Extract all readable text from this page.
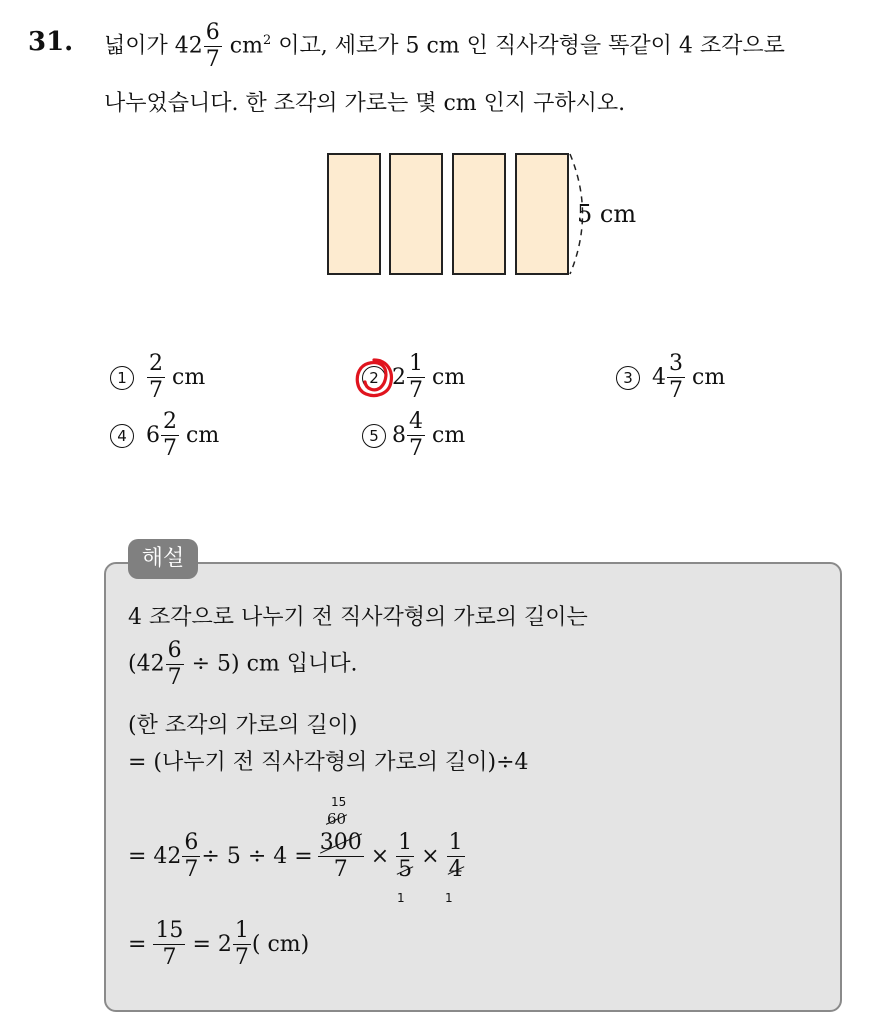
31. 넓이가 $42 \frac{6}{7} cm^2$ 이고, 세로가 5 cm 인 직사각형을 똑같이 4 조각으로
나누었습니다. 한 조각의 가로는 몇 cm 인지 구하시오.
5 cm
$1 \frac{2}{7}$ cm	2 $2 \frac{1}{7}$ cm	3 $4 \frac{3}{7}$ cm
4 $6 \frac{2}{7}$ cm	5 $8 \frac{4}{7}$ cm
해설
4 조각으로 나누기 전 직사각형의 가로의 길이는
$(42 \frac{6}{7} \div 5)$ cm 입니다.
(한 조각의 가로의 길이)
= (나누기 전 직사각형의 가로의 길이)÷4
15
60
= $42 \frac{6}{7} \div 5 \div 4 = \frac{300}{7} \times \frac{1}{5} \times \frac{1}{4}$
1	1
= $\frac{15}{7} = 2 \frac{1}{7}$ ( cm)
